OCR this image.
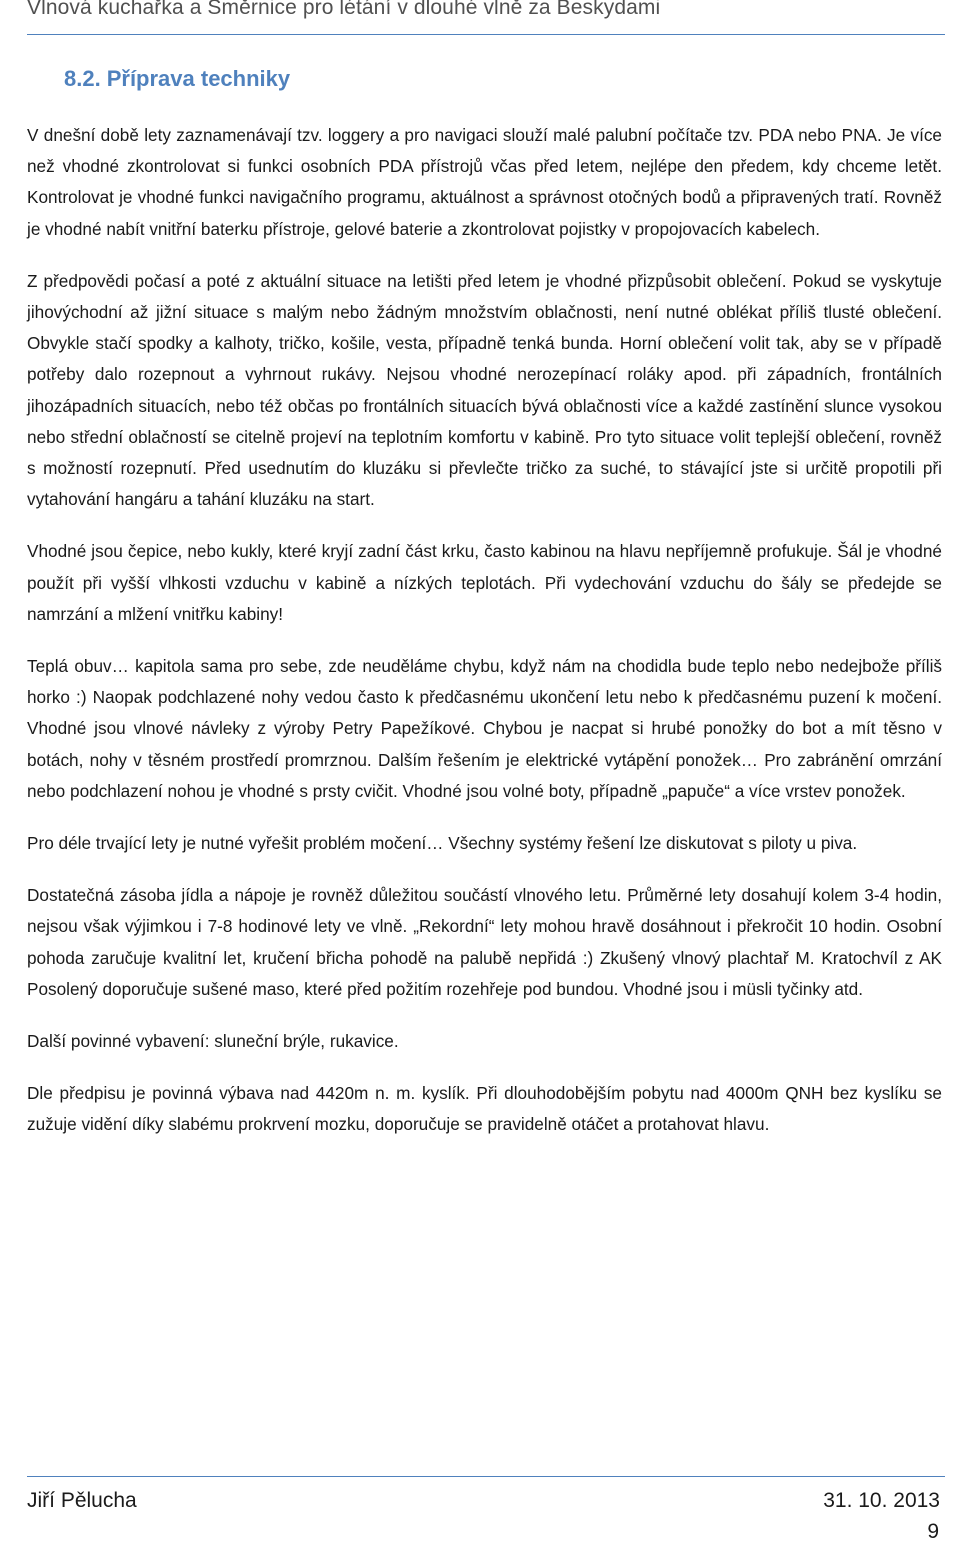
Vlnová kuchařka a Směrnice pro létání v dlouhé vlně za Beskydami
8.2. Příprava techniky

V dnešní době lety zaznamenávají tzv. loggery a pro navigaci slouží malé palubní počítače tzv. PDA nebo PNA. Je více než vhodné zkontrolovat si funkci osobních PDA přístrojů včas před letem, nejlépe den předem, kdy chceme letět. Kontrolovat je vhodné funkci navigačního programu, aktuálnost a správnost otočných bodů a připravených tratí. Rovněž je vhodné nabít vnitřní baterku přístroje, gelové baterie a zkontrolovat pojistky v propojovacích kabelech.

Z předpovědi počasí a poté z aktuální situace na letišti před letem je vhodné přizpůsobit oblečení. Pokud se vyskytuje jihovýchodní až jižní situace s malým nebo žádným množstvím oblačnosti, není nutné oblékat příliš tlusté oblečení. Obvykle stačí spodky a kalhoty, tričko, košile, vesta, případně tenká bunda. Horní oblečení volit tak, aby se v případě potřeby dalo rozepnout a vyhrnout rukávy. Nejsou vhodné nerozepínací roláky apod. při západních, frontálních jihozápadních situacích, nebo též občas po frontálních situacích bývá oblačnosti více a každé zastínění slunce vysokou nebo střední oblačností se citelně projeví na teplotním komfortu v kabině. Pro tyto situace volit teplejší oblečení, rovněž s možností rozepnutí. Před usednutím do kluzáku si převlečte tričko za suché, to stávající jste si určitě propotili při vytahování hangáru a tahání kluzáku na start.

Vhodné jsou čepice, nebo kukly, které kryjí zadní část krku, často kabinou na hlavu nepříjemně profukuje. Šál je vhodné použít při vyšší vlhkosti vzduchu v kabině a nízkých teplotách. Při vydechování vzduchu do šály se předejde se namrzání a mlžení vnitřku kabiny!

Teplá obuv… kapitola sama pro sebe, zde neuděláme chybu, když nám na chodidla bude teplo nebo nedejbože příliš horko :) Naopak podchlazené nohy vedou často k předčasnému ukončení letu nebo k předčasnému puzení k močení. Vhodné jsou vlnové návleky z výroby Petry Papežíkové. Chybou je nacpat si hrubé ponožky do bot a mít těsno v botách, nohy v těsném prostředí promrznou. Dalším řešením je elektrické vytápění ponožek… Pro zabránění omrzání nebo podchlazení nohou je vhodné s prsty cvičit. Vhodné jsou volné boty, případně „papuče“ a více vrstev ponožek.

Pro déle trvající lety je nutné vyřešit problém močení… Všechny systémy řešení lze diskutovat s piloty u piva.

Dostatečná zásoba jídla a nápoje je rovněž důležitou součástí vlnového letu. Průměrné lety dosahují kolem 3-4 hodin, nejsou však výjimkou i 7-8 hodinové lety ve vlně. „Rekordní“ lety mohou hravě dosáhnout i překročit 10 hodin. Osobní pohoda zaručuje kvalitní let, kručení břicha pohodě na palubě nepřidá :) Zkušený vlnový plachtař M. Kratochvíl z AK Posolený doporučuje sušené maso, které před požitím rozehřeje pod bundou. Vhodné jsou i müsli tyčinky atd.

Další povinné vybavení: sluneční brýle, rukavice.

Dle předpisu je povinná výbava nad 4420m n. m. kyslík. Při dlouhodobějším pobytu nad 4000m QNH bez kyslíku se zužuje vidění díky slabému prokrvení mozku, doporučuje se pravidelně otáčet a protahovat hlavu.

Jiří Pělucha	31. 10. 2013
9
